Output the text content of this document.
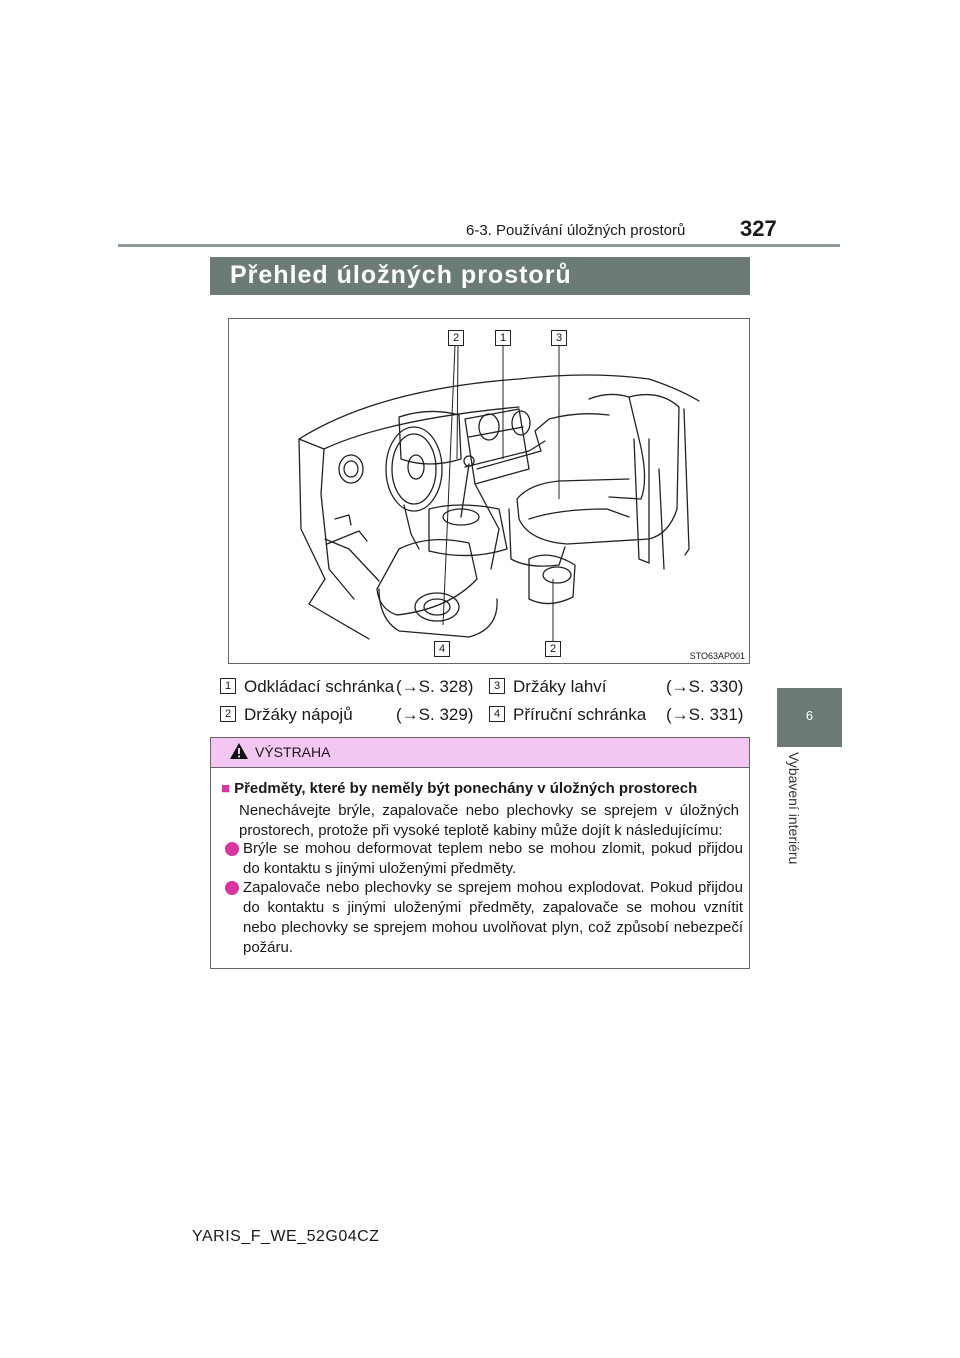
6-3. Používání úložných prostorů 327
Přehled úložných prostorů
6
Vybavení interiéru
2	1	3
4	2
STO63AP001
1 Odkládací schránka (→S. 328)	3 Držáky lahví	(→S. 330)
2 Držáky nápojů	(→S. 329)	4 Příruční schránka (→S. 331)
VÝSTRAHA
■ Předměty, které by neměly být ponechány v úložných prostorech
Nenechávejte brýle, zapalovače nebo plechovky se sprejem v úložných prostorech, protože při vysoké teplotě kabiny může dojít k následujícímu:
Brýle se mohou deformovat teplem nebo se mohou zlomit, pokud přijdou do kontaktu s jinými uloženými předměty.
Zapalovače nebo plechovky se sprejem mohou explodovat. Pokud přijdou do kontaktu s jinými uloženými předměty, zapalovače se mohou vznítit nebo plechovky se sprejem mohou uvolňovat plyn, což způsobí nebezpečí požáru.
YARIS_F_WE_52G04CZ
